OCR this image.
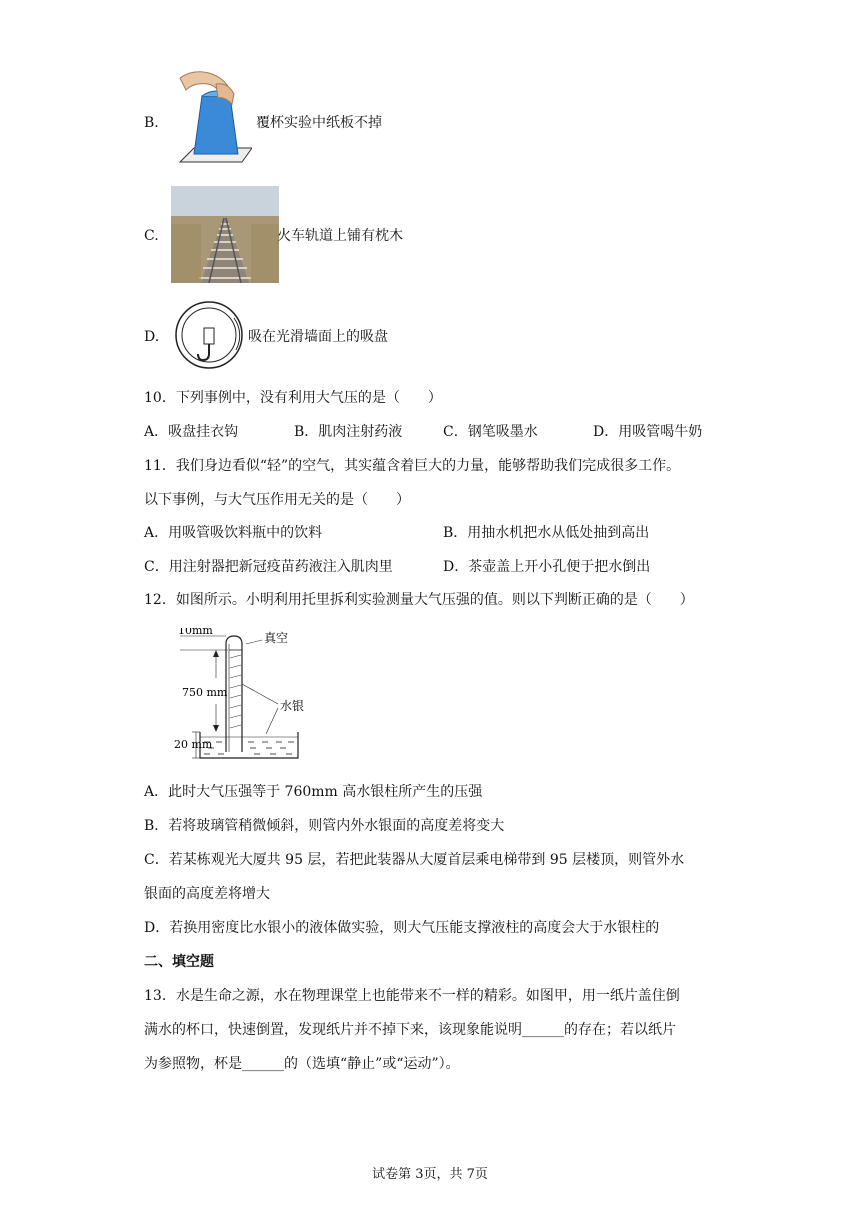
B.	覆杯实验中纸板不掉
C.	火车轨道上铺有枕木
D.	吸在光滑墙面上的吸盘
10．下列事例中，没有利用大气压的是（　　）
A．吸盘挂衣钩	B．肌肉注射药液	C．钢笔吸墨水	D．用吸管喝牛奶
11．我们身边看似“轻”的空气，其实蕴含着巨大的力量，能够帮助我们完成很多工作。
以下事例，与大气压作用无关的是（　　）
A．用吸管吸饮料瓶中的饮料	B．用抽水机把水从低处抽到高出
C．用注射器把新冠疫苗药液注入肌肉里	D．茶壶盖上开小孔便于把水倒出
12．如图所示。小明利用托里拆利实验测量大气压强的值。则以下判断正确的是（　　）
10mm
真空
750 mm
水银
20 mm
A．此时大气压强等于 760mm 高水银柱所产生的压强
B．若将玻璃管稍微倾斜，则管内外水银面的高度差将变大
C．若某栋观光大厦共 95 层，若把此装器从大厦首层乘电梯带到 95 层楼顶，则管外水
银面的高度差将增大
D．若换用密度比水银小的液体做实验，则大气压能支撑液柱的高度会大于水银柱的
二、填空题
13．水是生命之源，水在物理课堂上也能带来不一样的精彩。如图甲，用一纸片盖住倒
满水的杯口，快速倒置，发现纸片并不掉下来，该现象能说明______的存在；若以纸片
为参照物，杯是______的（选填“静止”或“运动”）。
试卷第 3页，共 7页
